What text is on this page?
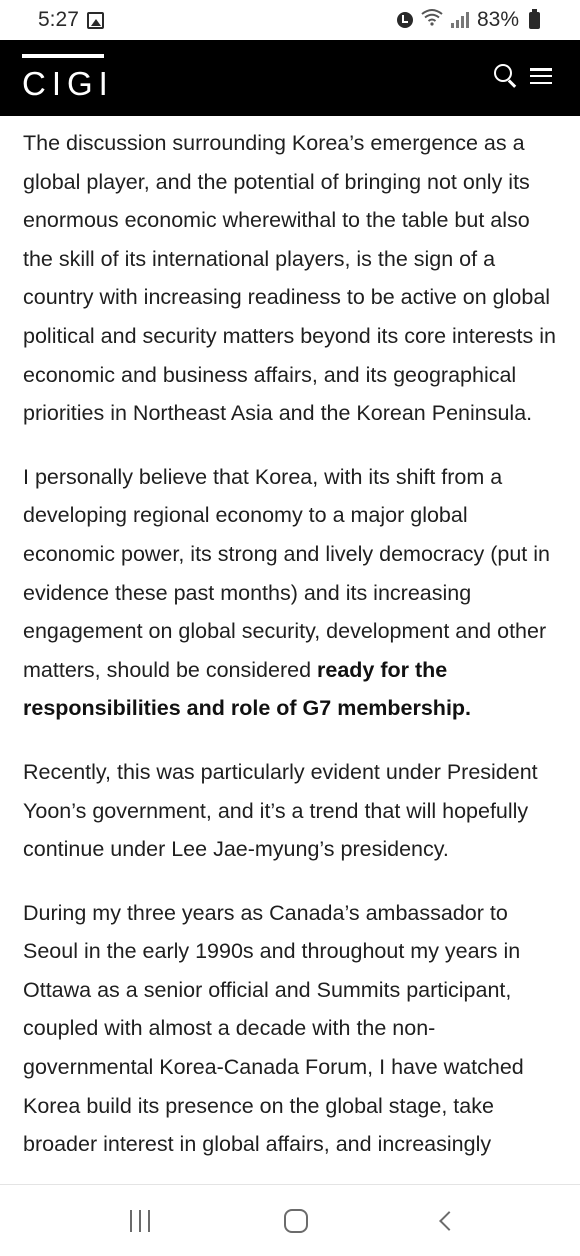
5:27	83%
CIGI

The discussion surrounding Korea’s emergence as a global player, and the potential of bringing not only its enormous economic wherewithal to the table but also the skill of its international players, is the sign of a country with increasing readiness to be active on global political and security matters beyond its core interests in economic and business affairs, and its geographical priorities in Northeast Asia and the Korean Peninsula.

I personally believe that Korea, with its shift from a developing regional economy to a major global economic power, its strong and lively democracy (put in evidence these past months) and its increasing engagement on global security, development and other matters, should be considered ready for the responsibilities and role of G7 membership.

Recently, this was particularly evident under President Yoon’s government, and it’s a trend that will hopefully continue under Lee Jae-myung’s presidency.

During my three years as Canada’s ambassador to Seoul in the early 1990s and throughout my years in Ottawa as a senior official and Summits participant, coupled with almost a decade with the non-governmental Korea-Canada Forum, I have watched Korea build its presence on the global stage, take broader interest in global affairs, and increasingly
